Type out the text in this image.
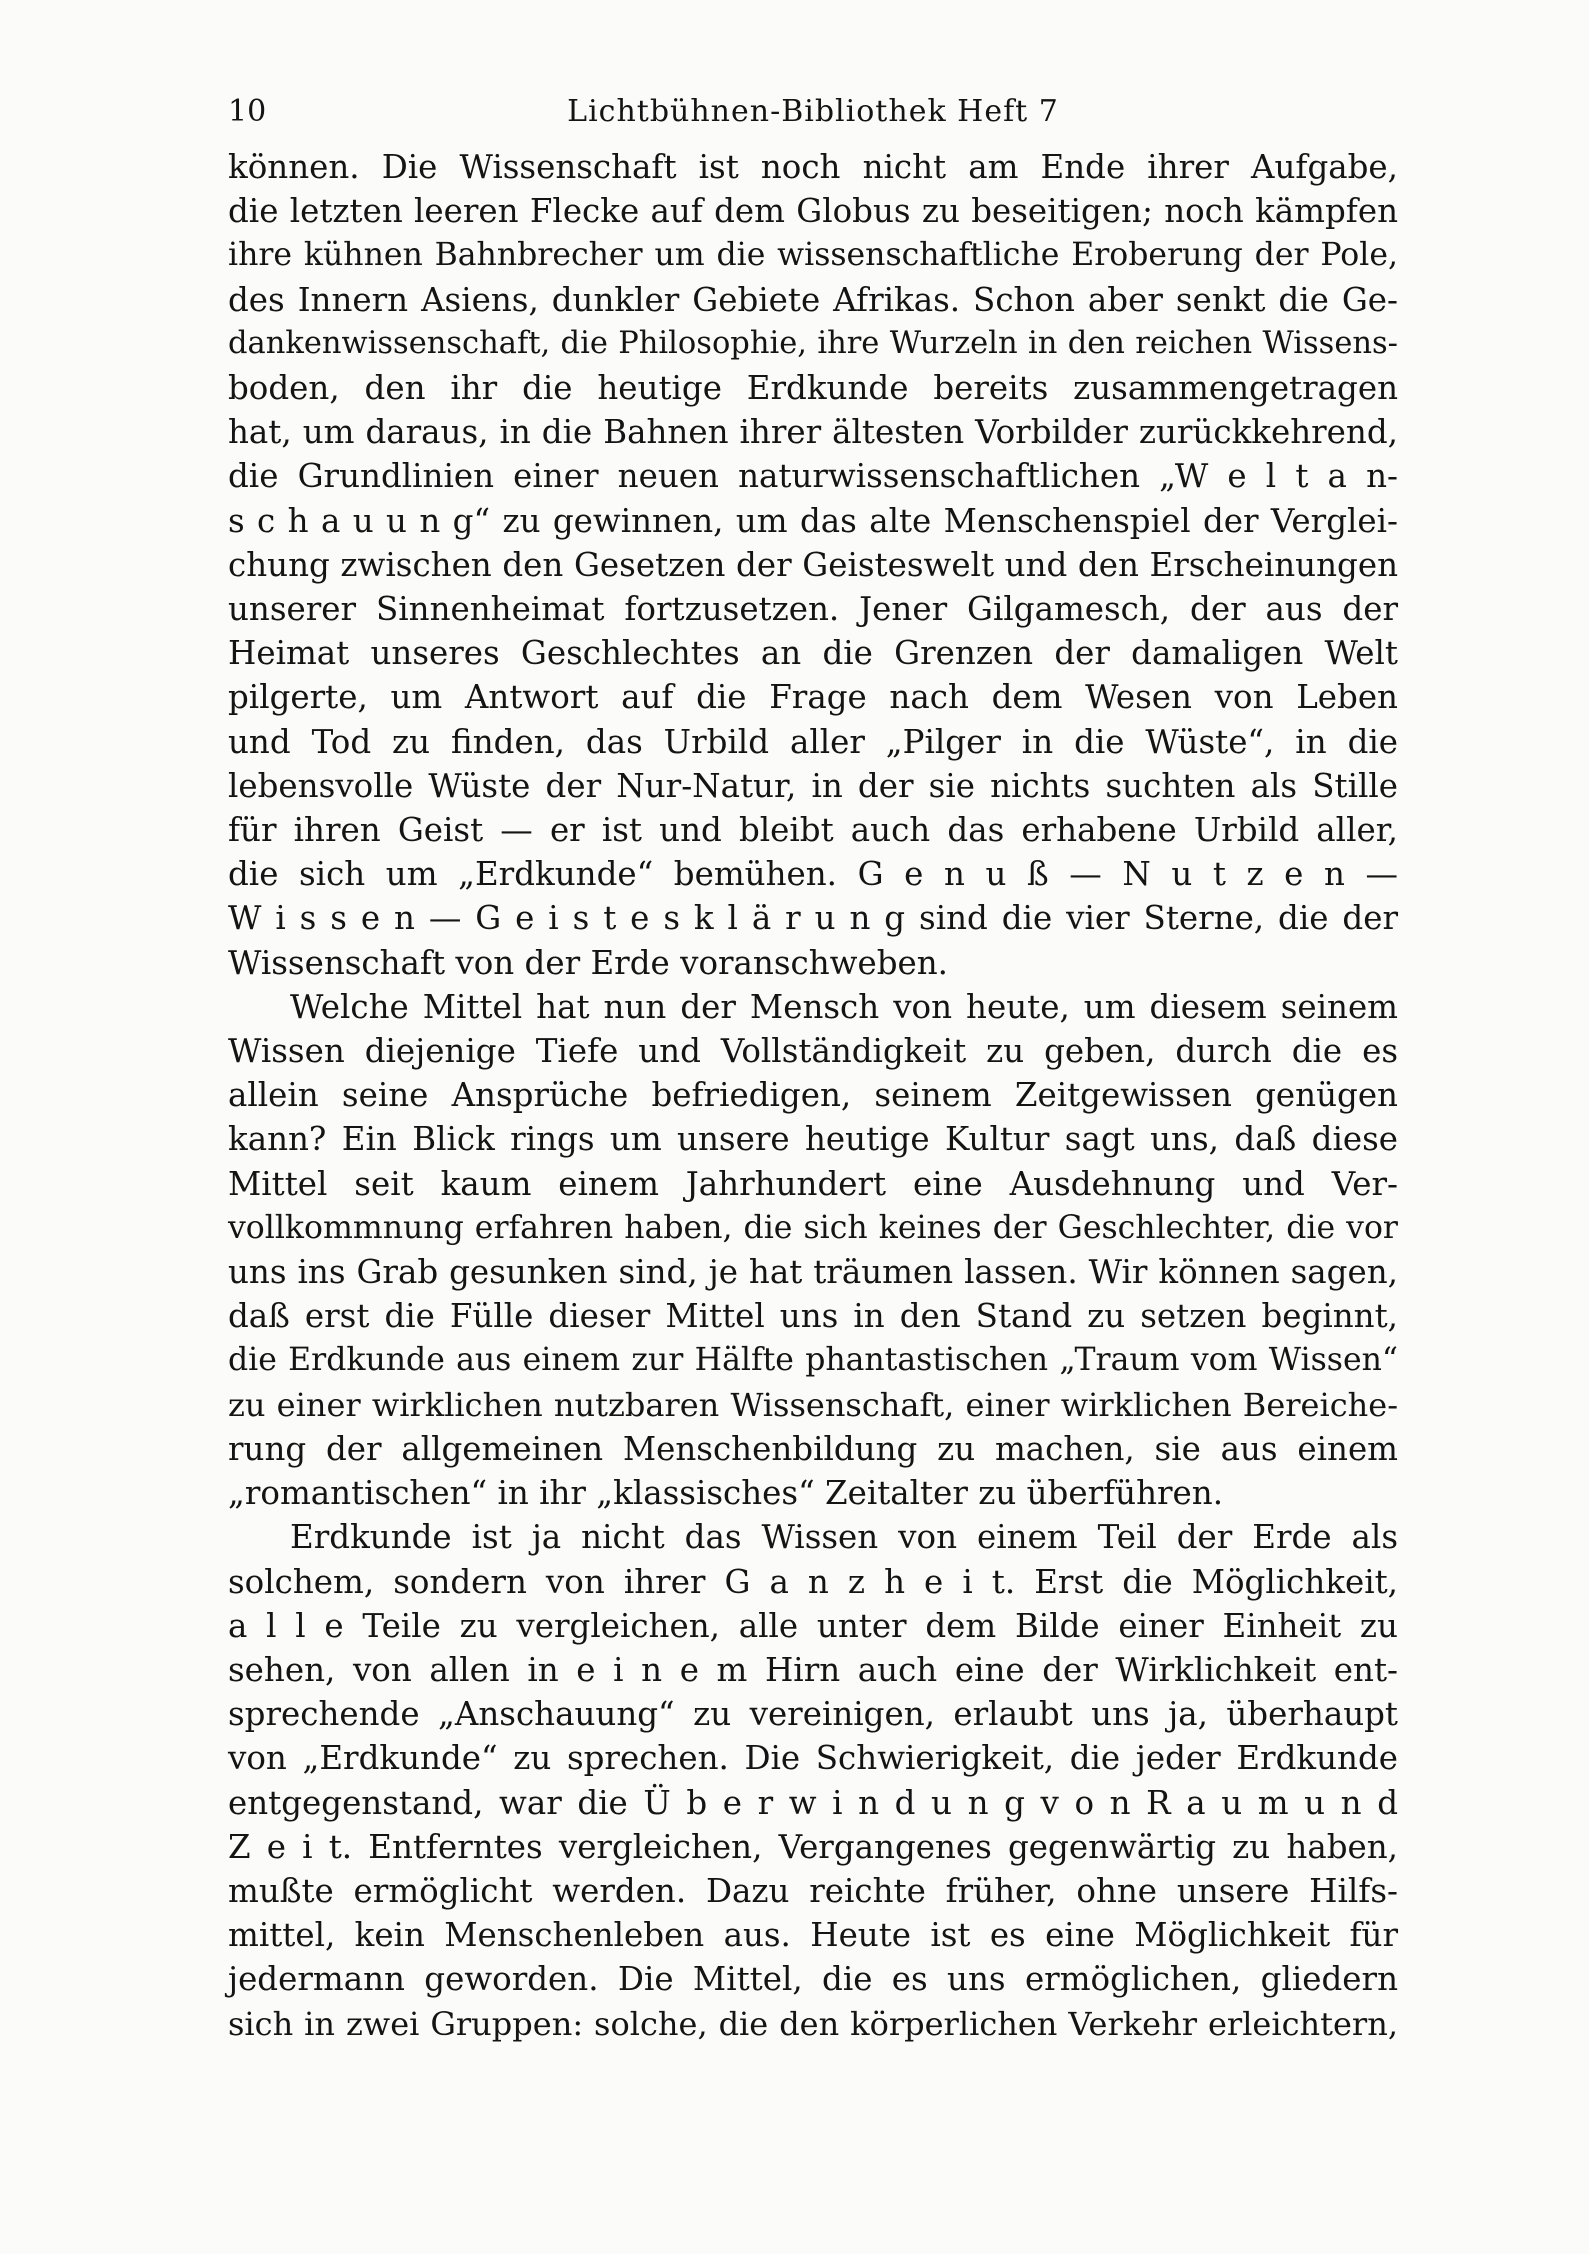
10	Lichtbühnen-Bibliothek Heft 7
können. Die Wissenschaft ist noch nicht am Ende ihrer Aufgabe,
die letzten leeren Flecke auf dem Globus zu beseitigen; noch kämpfen
ihre kühnen Bahnbrecher um die wissenschaftliche Eroberung der Pole,
des Innern Asiens, dunkler Gebiete Afrikas. Schon aber senkt die Ge-
dankenwissenschaft, die Philosophie, ihre Wurzeln in den reichen Wissens-
boden, den ihr die heutige Erdkunde bereits zusammengetragen
hat, um daraus, in die Bahnen ihrer ältesten Vorbilder zurückkehrend,
die Grundlinien einer neuen naturwissenschaftlichen „W e l t a n-
s c h a u u n g“ zu gewinnen, um das alte Menschenspiel der Verglei-
chung zwischen den Gesetzen der Geisteswelt und den Erscheinungen
unserer Sinnenheimat fortzusetzen. Jener Gilgamesch, der aus der
Heimat unseres Geschlechtes an die Grenzen der damaligen Welt
pilgerte, um Antwort auf die Frage nach dem Wesen von Leben
und Tod zu finden, das Urbild aller „Pilger in die Wüste“, in die
lebensvolle Wüste der Nur-Natur, in der sie nichts suchten als Stille
für ihren Geist — er ist und bleibt auch das erhabene Urbild aller,
die sich um „Erdkunde“ bemühen. G e n u ß — N u t z e n —
W i s s e n — G e i s t e s k l ä r u n g sind die vier Sterne, die der
Wissenschaft von der Erde voranschweben.
Welche Mittel hat nun der Mensch von heute, um diesem seinem
Wissen diejenige Tiefe und Vollständigkeit zu geben, durch die es
allein seine Ansprüche befriedigen, seinem Zeitgewissen genügen
kann? Ein Blick rings um unsere heutige Kultur sagt uns, daß diese
Mittel seit kaum einem Jahrhundert eine Ausdehnung und Ver-
vollkommnung erfahren haben, die sich keines der Geschlechter, die vor
uns ins Grab gesunken sind, je hat träumen lassen. Wir können sagen,
daß erst die Fülle dieser Mittel uns in den Stand zu setzen beginnt,
die Erdkunde aus einem zur Hälfte phantastischen „Traum vom Wissen“
zu einer wirklichen nutzbaren Wissenschaft, einer wirklichen Bereiche-
rung der allgemeinen Menschenbildung zu machen, sie aus einem
„romantischen“ in ihr „klassisches“ Zeitalter zu überführen.
Erdkunde ist ja nicht das Wissen von einem Teil der Erde als
solchem, sondern von ihrer G a n z h e i t. Erst die Möglichkeit,
a l l e Teile zu vergleichen, alle unter dem Bilde einer Einheit zu
sehen, von allen in e i n e m Hirn auch eine der Wirklichkeit ent-
sprechende „Anschauung“ zu vereinigen, erlaubt uns ja, überhaupt
von „Erdkunde“ zu sprechen. Die Schwierigkeit, die jeder Erdkunde
entgegenstand, war die Ü b e r w i n d u n g v o n R a u m u n d
Z e i t. Entferntes vergleichen, Vergangenes gegenwärtig zu haben,
mußte ermöglicht werden. Dazu reichte früher, ohne unsere Hilfs-
mittel, kein Menschenleben aus. Heute ist es eine Möglichkeit für
jedermann geworden. Die Mittel, die es uns ermöglichen, gliedern
sich in zwei Gruppen: solche, die den körperlichen Verkehr erleichtern,
